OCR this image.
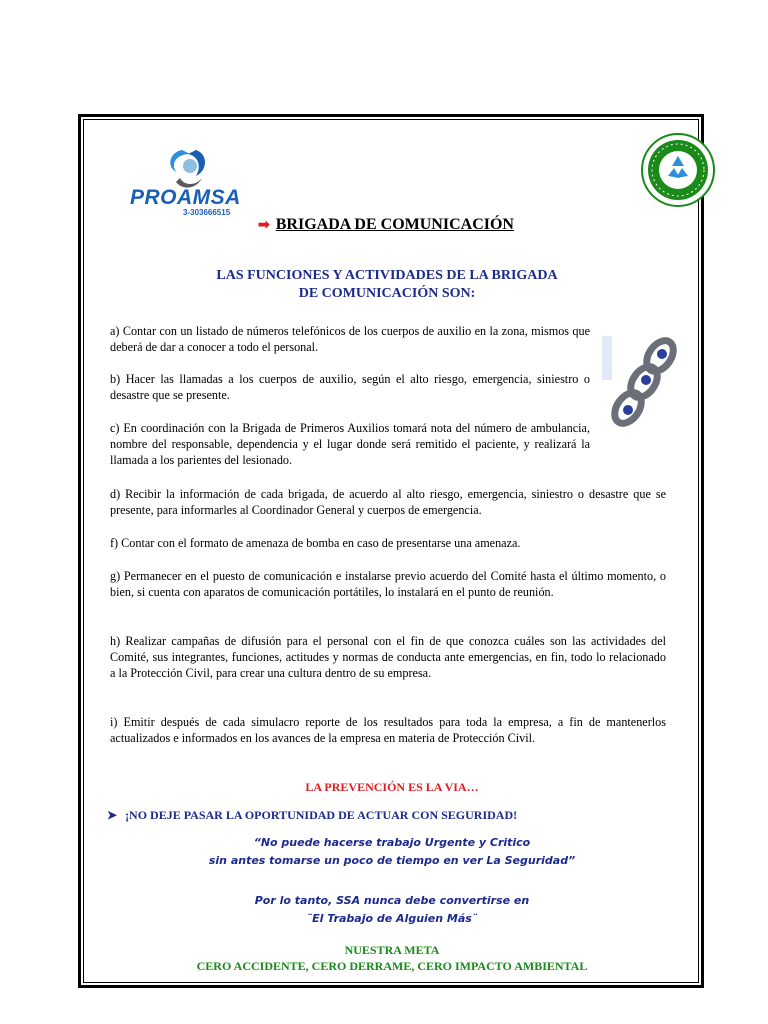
PROAMSA
3-303666515
➡ BRIGADA DE COMUNICACIÓN
LAS FUNCIONES Y ACTIVIDADES DE LA BRIGADA
DE COMUNICACIÓN SON:
a) Contar con un listado de números telefónicos de los cuerpos de auxilio en la zona, mismos que deberá de dar a conocer a todo el personal.
b) Hacer las llamadas a los cuerpos de auxilio, según el alto riesgo, emergencia, siniestro o desastre que se presente.
c) En coordinación con la Brigada de Primeros Auxilios tomará nota del número de ambulancia, nombre del responsable, dependencia y el lugar donde será remitido el paciente, y realizará la llamada a los parientes del lesionado.
d) Recibir la información de cada brigada, de acuerdo al alto riesgo, emergencia, siniestro o desastre que se presente, para informarles al Coordinador General y cuerpos de emergencia.
f) Contar con el formato de amenaza de bomba en caso de presentarse una amenaza.
g) Permanecer en el puesto de comunicación e instalarse previo acuerdo del Comité hasta el último momento, o bien, si cuenta con aparatos de comunicación portátiles, lo instalará en el punto de reunión.
h) Realizar campañas de difusión para el personal con el fin de que conozca cuáles son las actividades del Comité, sus integrantes, funciones, actitudes y normas de conducta ante emergencias, en fin, todo lo relacionado a la Protección Civil, para crear una cultura dentro de su empresa.
i) Emitir después de cada simulacro reporte de los resultados para toda la empresa, a fin de mantenerlos actualizados e informados en los avances de la empresa en materia de Protección Civil.
LA PREVENCIÓN ES LA VIA…
➤ ¡NO DEJE PASAR LA OPORTUNIDAD DE ACTUAR CON SEGURIDAD!
“No puede hacerse trabajo Urgente y Critico
sin antes tomarse un poco de tiempo en ver La Seguridad”
Por lo tanto, SSA nunca debe convertirse en
¨El Trabajo de Alguien Más¨
NUESTRA META
CERO ACCIDENTE, CERO DERRAME, CERO IMPACTO AMBIENTAL
